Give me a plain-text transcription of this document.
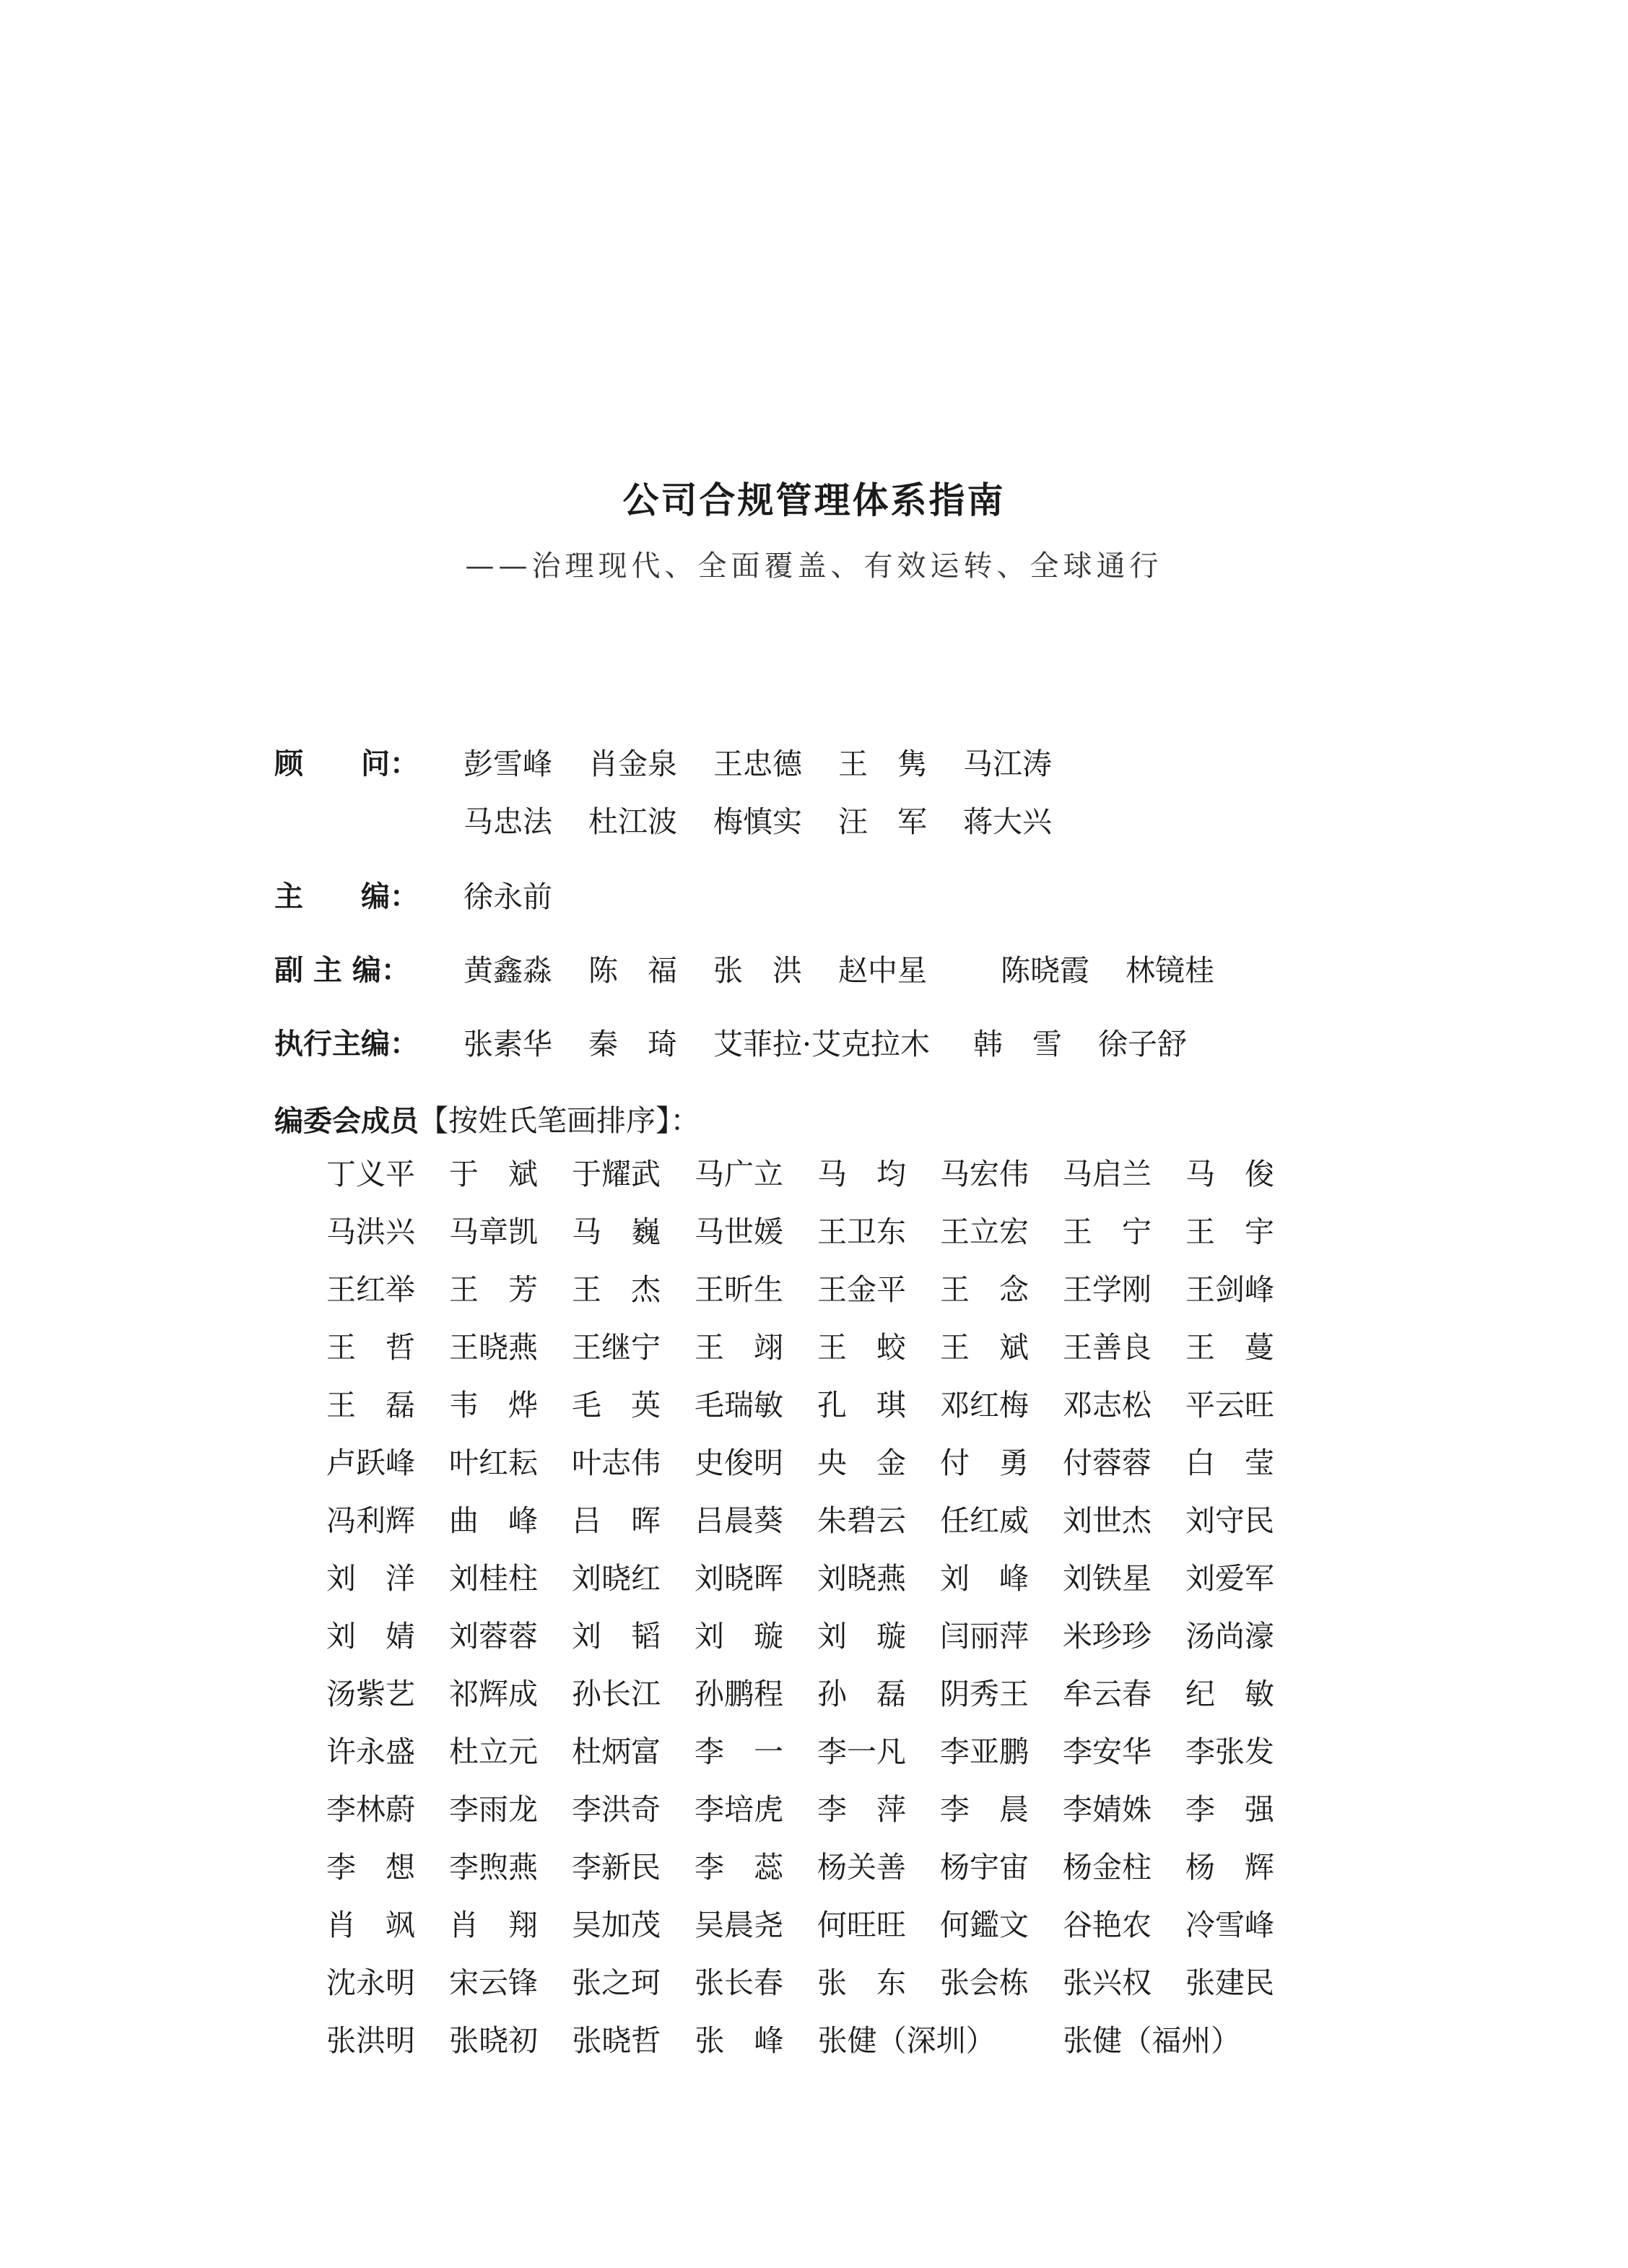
公司合规管理体系指南
——治理现代、全面覆盖、有效运转、全球通行
顾　　问： 彭雪峰	肖金泉	王忠德	王　隽	马江涛
马忠法	杜江波	梅慎实	汪　军	蒋大兴
主　　编： 徐永前
副 主 编： 黄鑫淼	陈　福	张　洪	赵中星	陈晓霞	林镜桂
执行主编： 张素华	秦　琦	艾菲拉·艾克拉木	韩　雪	徐子舒
编委会成员【按姓氏笔画排序】：
丁义平	于　斌	于耀武	马广立	马　均	马宏伟	马启兰	马　俊
马洪兴	马章凯	马　巍	马世媛	王卫东	王立宏	王　宁	王　宇
王红举	王　芳	王　杰	王昕生	王金平	王　念	王学刚	王剑峰
王　哲	王晓燕	王继宁	王　翊	王　蛟	王　斌	王善良	王　蔓
王　磊	韦　烨	毛　英	毛瑞敏	孔　琪	邓红梅	邓志松	平云旺
卢跃峰	叶红耘	叶志伟	史俊明	央　金	付　勇	付蓉蓉	白　莹
冯利辉	曲　峰	吕　晖	吕晨葵	朱碧云	任红威	刘世杰	刘守民
刘　洋	刘桂柱	刘晓红	刘晓晖	刘晓燕	刘　峰	刘铁星	刘爱军
刘　婧	刘蓉蓉	刘　韬	刘　璇	刘　璇	闫丽萍	米珍珍	汤尚濠
汤紫艺	祁辉成	孙长江	孙鹏程	孙　磊	阴秀王	牟云春	纪　敏
许永盛	杜立元	杜炳富	李　一	李一凡	李亚鹏	李安华	李张发
李林蔚	李雨龙	李洪奇	李培虎	李　萍	李　晨	李婧姝	李　强
李　想	李煦燕	李新民	李　蕊	杨关善	杨宇宙	杨金柱	杨　辉
肖　飒	肖　翔	吴加茂	吴晨尧	何旺旺	何鑑文	谷艳农	冷雪峰
沈永明	宋云锋	张之珂	张长春	张　东	张会栋	张兴权	张建民
张洪明	张晓初	张晓哲	张　峰	张健（深圳）	张健（福州）
